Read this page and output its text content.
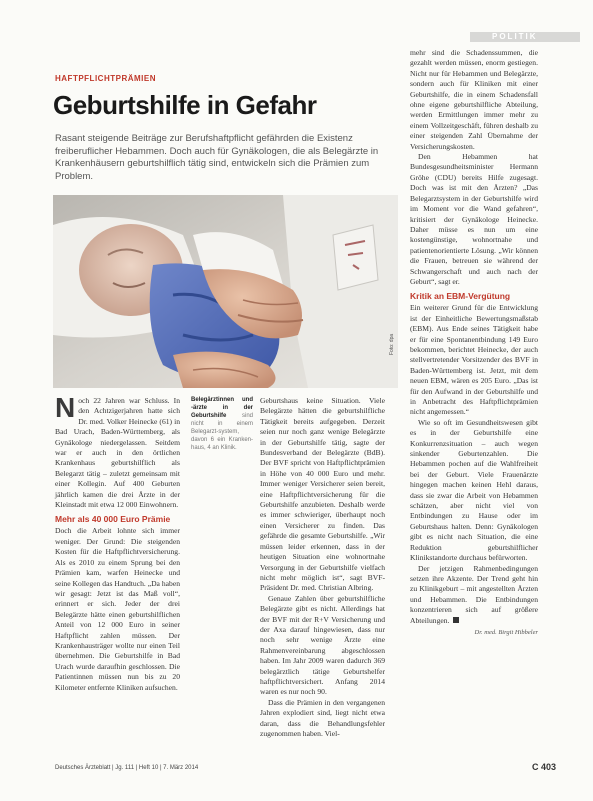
POLITIK
HAFTPFLICHTPRÄMIEN
Geburtshilfe in Gefahr
Rasant steigende Beiträge zur Berufshaftpflicht gefährden die Existenz freiberuflicher Hebammen. Doch auch für Gynäkologen, die als Belegärzte in Krankenhäusern geburtshilflich tätig sind, entwickeln sich die Prämien zum Problem.
Foto: dpa

Noch 22 Jahren war Schluss. In den Achtzigerjahren hatte sich Dr. med. Volker Heinecke (61) in Bad Urach, Baden-Württemberg, als Gynäkologe niedergelassen. Seitdem war er auch in den örtlichen Krankenhaus geburtshilflich als Belegarzt tätig – zuletzt gemeinsam mit einer Kollegin. Auf 400 Geburten jährlich kamen die drei Ärzte in der Kleinstadt mit etwa 12 000 Einwohnern.

Mehr als 40 000 Euro Prämie

Doch die Arbeit lohnte sich immer weniger. Der Grund: Die steigenden Kosten für die Haftpflichtversicherung. Als es 2010 zu einem Sprung bei den Prämien kam, warfen Heinecke und seine Kollegen das Handtuch. „Da haben wir gesagt: Jetzt ist das Maß voll“, erinnert er sich. Jeder der drei Belegärzte hätte einen geburtshilflichen Anteil von 12 000 Euro in seiner Haftpflicht zahlen müssen. Der Krankenhausträger wollte nur einen Teil übernehmen. Die Geburtshilfe in Bad Urach wurde daraufhin geschlossen. Die Patientinnen müssen nun bis zu 20 Kilometer entfernte Kliniken aufsuchen.

Belegärztinnen und -ärzte in der Geburtshilfe	sind nicht in einem Belegarzt-system, davon 6 ein Kranken-haus, 4 an Klinik.

Geburtshaus keine Situation. Viele Belegärzte hätten die geburtshilfliche Tätigkeit bereits aufgegeben. Derzeit seien nur noch ganz wenige Belegärzte in der Geburtshilfe tätig, sagte der Bundesverband der Belegärzte (BdB). Der BVF spricht von Haftpflichtprämien in Höhe von 40 000 Euro und mehr. Immer weniger Versicherer seien bereit, eine Haftpflichtversicherung für die Geburtshilfe anzubieten. Deshalb werde es immer schwieriger, überhaupt noch einen Versicherer zu finden. Das gefährde die gesamte Geburtshilfe. „Wir müssen leider erkennen, dass in der heutigen Situation eine wohnortnahe Versorgung in der Geburtshilfe vielfach nicht mehr möglich ist“, sagt BVF-Präsident Dr. med. Christian Albring.

Genaue Zahlen über geburtshilfliche Belegärzte gibt es nicht. Allerdings hat der BVF mit der R+V Versicherung und der Axa darauf hingewiesen, dass nur noch sehr wenige Ärzte eine Rahmenvereinbarung abgeschlossen haben. Im Jahr 2009 waren dadurch 369 belegärztlich tätige Geburtshelfer haftpflichtversichert. Anfang 2014 waren es nur noch 90.

Dass die Prämien in den vergangenen Jahren explodiert sind, liegt nicht etwa daran, dass die Behandlungsfehler zugenommen haben. Viel-

mehr sind die Schadenssummen, die gezahlt werden müssen, enorm gestiegen. Nicht nur für Hebammen und Belegärzte, sondern auch für Kliniken mit einer Geburtshilfe, die in einem Schadensfall ohne eigene geburtshilfliche Abteilung, werden Ermittlungen immer mehr zu einem Vollzeitgeschäft, führen deshalb zu einer steigenden Zahl Übernahme der Versicherungskosten.

Den Hebammen hat Bundesgesundheitsminister Hermann Gröhe (CDU) bereits Hilfe zugesagt. Doch was ist mit den Ärzten? „Das Belegarztsystem in der Geburtshilfe wird im Moment vor die Wand gefahren“, kritisiert der Gynäkologe Heinecke. Daher müsse es nun um eine kostengünstige, wohnortnahe und patientenorientierte Lösung. „Wir können die Frauen, betreuen sie während der Schwangerschaft und auch nach der Geburt“, sagt er.

Kritik an EBM-Vergütung

Ein weiterer Grund für die Entwicklung ist der Einheitliche Bewertungsmaßstab (EBM). Aus Ende seines Tätigkeit habe er für eine Spontanentbindung 149 Euro bekommen, berichtet Heinecke, der auch stellvertretender Vorsitzender des BVF in Baden-Württemberg ist. Jetzt, mit dem neuen EBM, wären es 205 Euro. „Das ist für den Aufwand in der Geburtshilfe und in Anbetracht des Haftpflichtprämien nicht angemessen.“

Wie so oft im Gesundheitswesen gibt es in der Geburtshilfe eine Konkurrenzsituation – auch wegen sinkender Geburtenzahlen. Die Hebammen pochen auf die Wahlfreiheit bei der Geburt. Viele Frauenärzte hingegen machen keinen Hehl daraus, dass sie zwar die Arbeit von Hebammen schätzen, aber nicht viel von Entbindungen zu Hause oder im Geburtshaus halten. Denn: Gynäkologen gibt es nicht nach Situation, die eine Reduktion geburtshilflicher Klinikstandorte durchaus befürworten.

Der jetzigen Rahmenbedingungen setzen ihre Akzente. Der Trend geht hin zu Klinikgeburt – mit angestellten Ärzten und Hebammen. Die Entbindungen konzentrieren sich auf größere Abteilungen.

Dr. med. Birgit Hibbeler
Deutsches Ärzteblatt | Jg. 111 | Heft 10 | 7. März 2014	C 403
